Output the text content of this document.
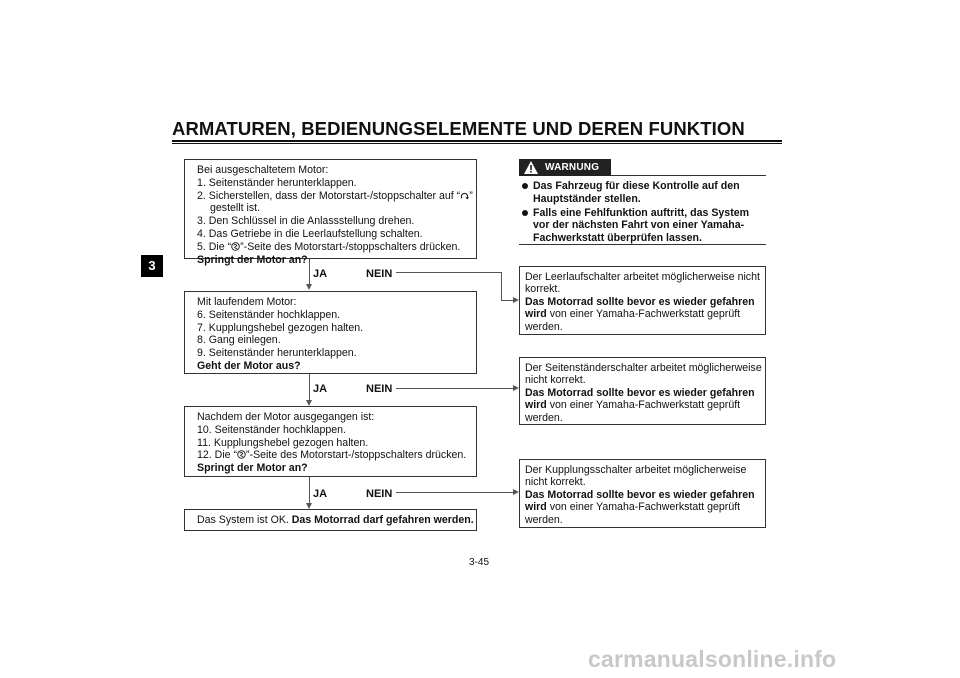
ARMATUREN, BEDIENUNGSELEMENTE UND DEREN FUNKTION
3
Bei ausgeschaltetem Motor:
1. Seitenständer herunterklappen.
2. Sicherstellen, dass der Motorstart-/stoppschalter auf “ ”
gestellt ist.
3. Den Schlüssel in die Anlassstellung drehen.
4. Das Getriebe in die Leerlaufstellung schalten.
5. Die “ ”-Seite des Motorstart-/stoppschalters drücken.
Springt der Motor an?
JA	NEIN
Mit laufendem Motor:
6. Seitenständer hochklappen.
7. Kupplungshebel gezogen halten.
8. Gang einlegen.
9. Seitenständer herunterklappen.
Geht der Motor aus?
JA	NEIN
Nachdem der Motor ausgegangen ist:
10. Seitenständer hochklappen.
11. Kupplungshebel gezogen halten.
12. Die “ ”-Seite des Motorstart-/stoppschalters drücken.
Springt der Motor an?
JA	NEIN
Das System ist OK. Das Motorrad darf gefahren werden.
WARNUNG
Das Fahrzeug für diese Kontrolle auf den Hauptständer stellen.
Falls eine Fehlfunktion auftritt, das System vor der nächsten Fahrt von einer Yamaha-Fachwerkstatt überprüfen lassen.
Der Leerlaufschalter arbeitet möglicherweise nicht
korrekt.
Das Motorrad sollte bevor es wieder gefahren
wird von einer Yamaha-Fachwerkstatt geprüft
werden.
Der Seitenständerschalter arbeitet möglicherweise
nicht korrekt.
Das Motorrad sollte bevor es wieder gefahren
wird von einer Yamaha-Fachwerkstatt geprüft
werden.
Der Kupplungsschalter arbeitet möglicherweise
nicht korrekt.
Das Motorrad sollte bevor es wieder gefahren
wird von einer Yamaha-Fachwerkstatt geprüft
werden.
3-45
carmanualsonline.info
